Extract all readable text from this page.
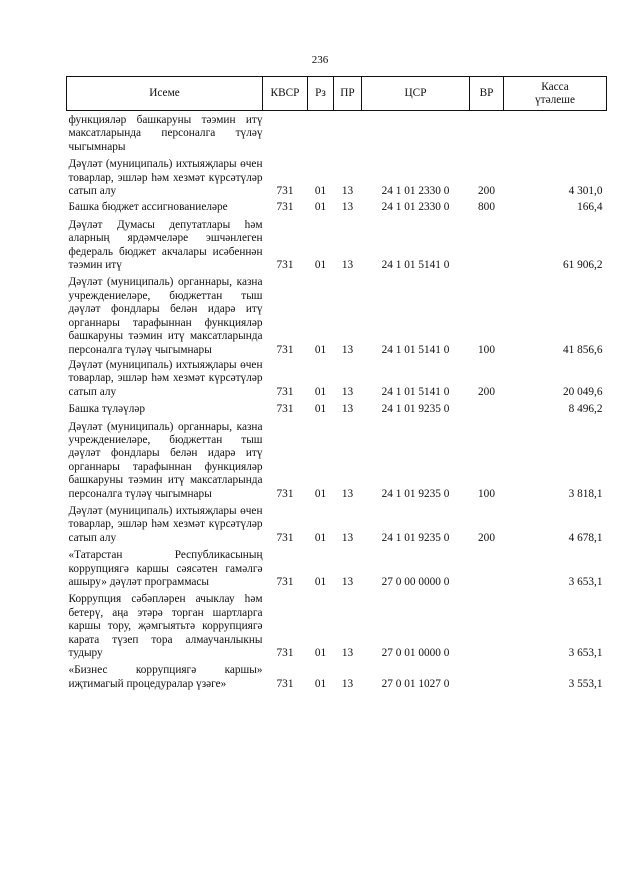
236
Исеме	КВСР	Рз	ПР	ЦСР	ВР	Касса
үтәлеше

функцияләр башкаруны тәэмин итү максатларында персоналга түләү чыгымнары						
Дәүләт (муниципаль) ихтыяҗлары өчен товарлар, эшләр һәм хезмәт күрсәтүләр сатып алу	731	01	13	24 1 01 2330 0	200	4 301,0
Башка бюджет ассигнованиеләре	731	01	13	24 1 01 2330 0	800	166,4
Дәүләт Думасы депутатлары һәм аларның ярдәмчеләре эшчәнлеген федераль бюджет акчалары исәбеннән тәэмин итү	731	01	13	24 1 01 5141 0		61 906,2
Дәүләт (муниципаль) органнары, казна учреждениеләре, бюджеттан тыш дәүләт фондлары белән идарә итү органнары тарафыннан функцияләр башкаруны тәэмин итү максатларында персоналга түләү чыгымнары	731	01	13	24 1 01 5141 0	100	41 856,6
Дәүләт (муниципаль) ихтыяҗлары өчен товарлар, эшләр һәм хезмәт күрсәтүләр сатып алу	731	01	13	24 1 01 5141 0	200	20 049,6
Башка түләүләр	731	01	13	24 1 01 9235 0		8 496,2
Дәүләт (муниципаль) органнары, казна учреждениеләре, бюджеттан тыш дәүләт фондлары белән идарә итү органнары тарафыннан функцияләр башкаруны тәэмин итү максатларында персоналга түләү чыгымнары	731	01	13	24 1 01 9235 0	100	3 818,1
Дәүләт (муниципаль) ихтыяҗлары өчен товарлар, эшләр һәм хезмәт күрсәтүләр сатып алу	731	01	13	24 1 01 9235 0	200	4 678,1
«Татарстан Республикасының коррупциягә каршы сәясәтен гамәлгә ашыру» дәүләт программасы	731	01	13	27 0 00 0000 0		3 653,1
Коррупция сәбәпләрен ачыклау һәм бетерү, аңа этәрә торган шартларга каршы тору, җәмгыятьтә коррупциягә карата түзеп тора алмаучанлыкны тудыру	731	01	13	27 0 01 0000 0		3 653,1
«Бизнес коррупциягә каршы» иҗтимагый процедуралар үзәге»	731	01	13	27 0 01 1027 0		3 553,1
